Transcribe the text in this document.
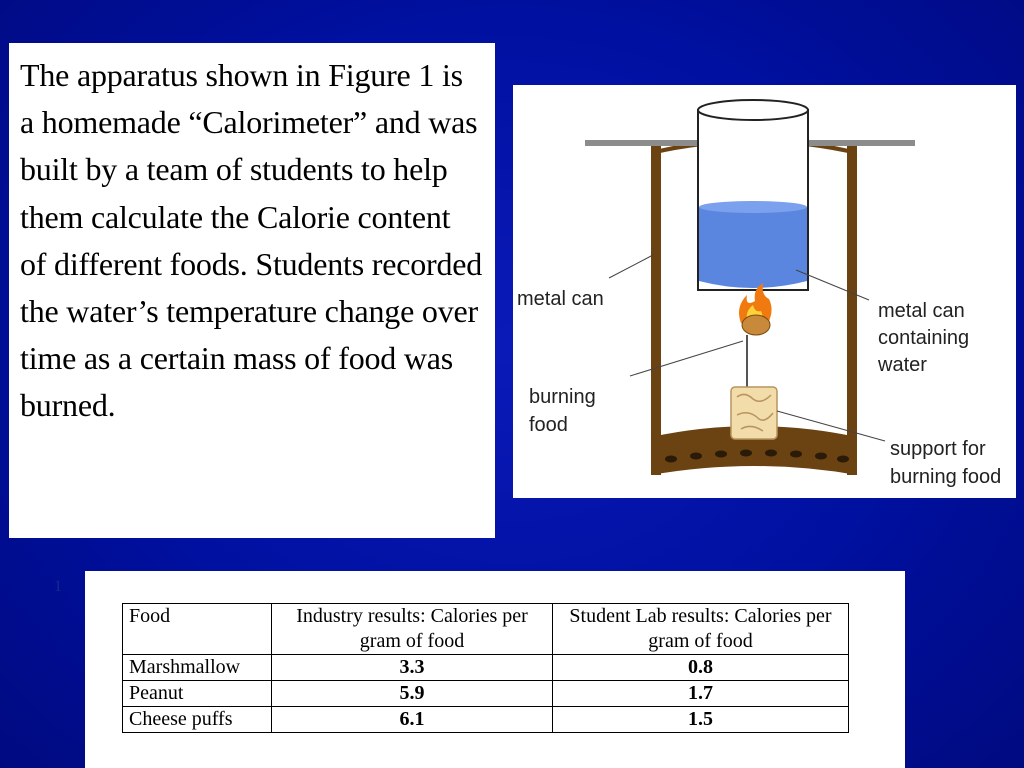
The apparatus shown in Figure 1 is a homemade “Calorimeter” and was built by a team of students to help them calculate the Calorie content of different foods. Students recorded the water’s temperature change over time as a certain mass of food was burned.

metal can
metal can
containing
water
burning
food
support for
burning food
1
Food	Industry results: Calories per gram of food	Student Lab results: Calories per gram of food
Marshmallow	3.3	0.8
Peanut	5.9	1.7
Cheese puffs	6.1	1.5
